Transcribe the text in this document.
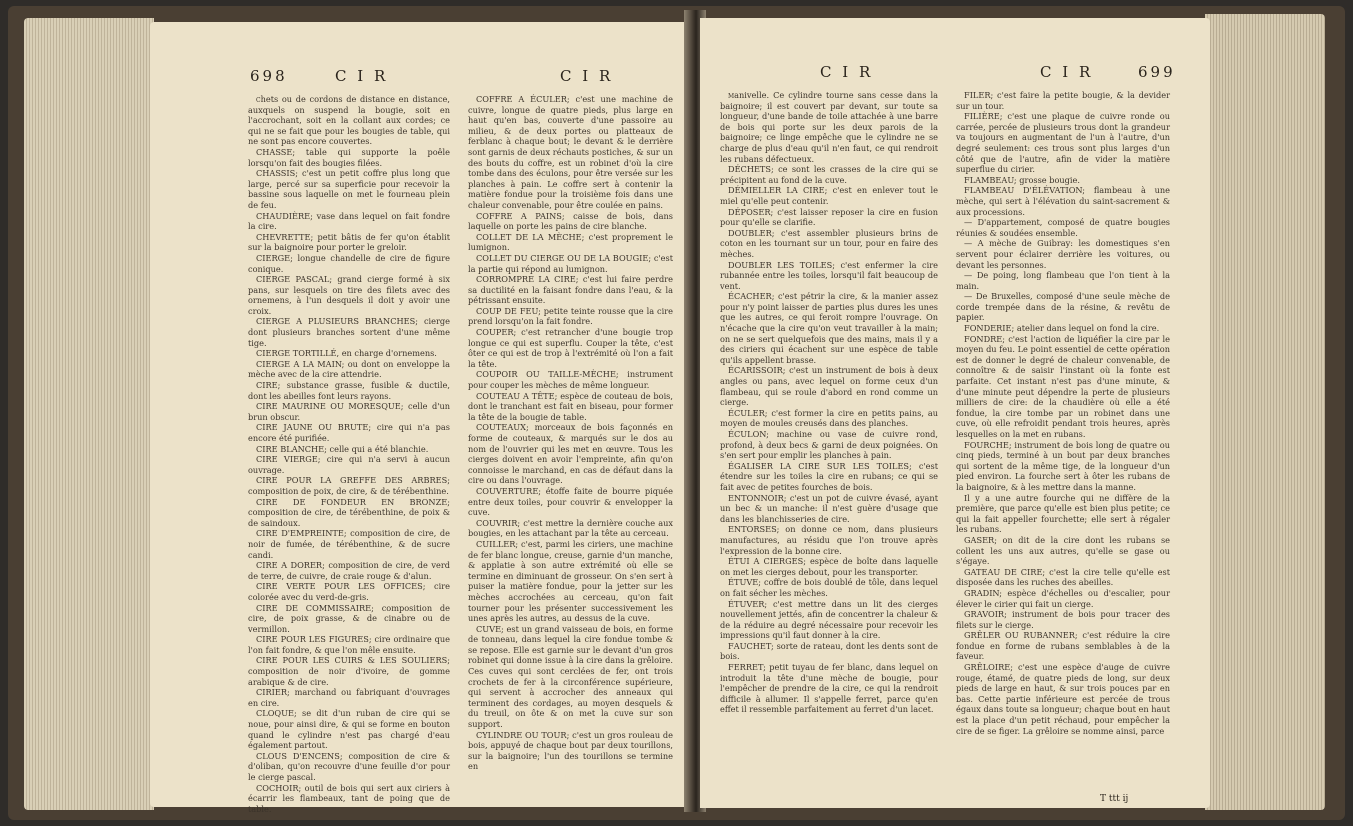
698	C I R	C I R

chets ou de cordons de distance en distance, auxquels on suspend la bougie, soit en l'accrochant, soit en la collant aux cordes; ce qui ne se fait que pour les bougies de table, qui ne sont pas encore couvertes.

CHASSE; table qui supporte la poêle lorsqu'on fait des bougies filées.

CHASSIS; c'est un petit coffre plus long que large, percé sur sa superficie pour recevoir la bassine sous laquelle on met le fourneau plein de feu.

CHAUDIÈRE; vase dans lequel on fait fondre la cire.

CHEVRETTE; petit bâtis de fer qu'on établit sur la baignoire pour porter le greloir.

CIERGE; longue chandelle de cire de figure conique.

CIERGE PASCAL; grand cierge formé à six pans, sur lesquels on tire des filets avec des ornemens, à l'un desquels il doit y avoir une croix.

CIERGE A PLUSIEURS BRANCHES; cierge dont plusieurs branches sortent d'une même tige.

CIERGE TORTILLÉ, en charge d'ornemens.

CIERGE A LA MAIN; ou dont on enveloppe la mèche avec de la cire attendrie.

CIRE; substance grasse, fusible & ductile, dont les abeilles font leurs rayons.

CIRE MAURINE OU MORESQUE; celle d'un brun obscur.

CIRE JAUNE OU BRUTE; cire qui n'a pas encore été purifiée.

CIRE BLANCHE; celle qui a été blanchie.

CIRE VIERGE; cire qui n'a servi à aucun ouvrage.

CIRE POUR LA GREFFE DES ARBRES; composition de poix, de cire, & de térébenthine.

CIRE DE FONDEUR EN BRONZE; composition de cire, de térébenthine, de poix & de saindoux.

CIRE D'EMPREINTE; composition de cire, de noir de fumée, de térébenthine, & de sucre candi.

CIRE A DORER; composition de cire, de verd de terre, de cuivre, de craie rouge & d'alun.

CIRE VERTE POUR LES OFFICES; cire colorée avec du verd-de-gris.

CIRE DE COMMISSAIRE; composition de cire, de poix grasse, & de cinabre ou de vermillon.

CIRE POUR LES FIGURES; cire ordinaire que l'on fait fondre, & que l'on mêle ensuite.

CIRE POUR LES CUIRS & LES SOULIERS; composition de noir d'ivoire, de gomme arabique & de cire.

CIRIER; marchand ou fabriquant d'ouvrages en cire.

CLOQUE; se dit d'un ruban de cire qui se noue, pour ainsi dire, & qui se forme en bouton quand le cylindre n'est pas chargé d'eau également partout.

CLOUS D'ENCENS; composition de cire & d'oliban, qu'on recouvre d'une feuille d'or pour le cierge pascal.

COCHOIR; outil de bois qui sert aux ciriers à écarrir les flambeaux, tant de poing que de table.

COFFRE A ÉCULER; c'est une machine de cuivre, longue de quatre pieds, plus large en haut qu'en bas, couverte d'une passoire au milieu, & de deux portes ou platteaux de ferblanc à chaque bout; le devant & le derrière sont garnis de deux réchauts postiches, & sur un des bouts du coffre, est un robinet d'où la cire tombe dans des éculons, pour être versée sur les planches à pain. Le coffre sert à contenir la matière fondue pour la troisième fois dans une chaleur convenable, pour être coulée en pains.

COFFRE A PAINS; caisse de bois, dans laquelle on porte les pains de cire blanche.

COLLET DE LA MÈCHE; c'est proprement le lumignon.

COLLET DU CIERGE OU DE LA BOUGIE; c'est la partie qui répond au lumignon.

CORROMPRE LA CIRE; c'est lui faire perdre sa ductilité en la faisant fondre dans l'eau, & la pétrissant ensuite.

COUP DE FEU; petite teinte rousse que la cire prend lorsqu'on la fait fondre.

COUPER; c'est retrancher d'une bougie trop longue ce qui est superflu. Couper la tête, c'est ôter ce qui est de trop à l'extrémité où l'on a fait la tête.

COUPOIR OU TAILLE-MÈCHE; instrument pour couper les mèches de même longueur.

COUTEAU A TÊTE; espèce de couteau de bois, dont le tranchant est fait en biseau, pour former la tête de la bougie de table.

COUTEAUX; morceaux de bois façonnés en forme de couteaux, & marqués sur le dos au nom de l'ouvrier qui les met en œuvre. Tous les cierges doivent en avoir l'empreinte, afin qu'on connoisse le marchand, en cas de défaut dans la cire ou dans l'ouvrage.

COUVERTURE; étoffe faite de bourre piquée entre deux toiles, pour couvrir & envelopper la cuve.

COUVRIR; c'est mettre la dernière couche aux bougies, en les attachant par la tête au cerceau.

CUILLER; c'est, parmi les ciriers, une machine de fer blanc longue, creuse, garnie d'un manche, & applatie à son autre extrémité où elle se termine en diminuant de grosseur. On s'en sert à puiser la matière fondue, pour la jetter sur les mèches accrochées au cerceau, qu'on fait tourner pour les présenter successivement les unes après les autres, au dessus de la cuve.

CUVE; est un grand vaisseau de bois, en forme de tonneau, dans lequel la cire fondue tombe & se repose. Elle est garnie sur le devant d'un gros robinet qui donne issue à la cire dans la grêloire. Ces cuves qui sont cerclées de fer, ont trois crochets de fer à la circonférence supérieure, qui servent à accrocher des anneaux qui terminent des cordages, au moyen desquels & du treuil, on ôte & on met la cuve sur son support.

CYLINDRE OU TOUR; c'est un gros rouleau de bois, appuyé de chaque bout par deux tourillons, sur la baignoire; l'un des tourillons se termine en

C I R	C I R	699

manivelle. Ce cylindre tourne sans cesse dans la baignoire; il est couvert par devant, sur toute sa longueur, d'une bande de toile attachée à une barre de bois qui porte sur les deux parois de la baignoire; ce linge empêche que le cylindre ne se charge de plus d'eau qu'il n'en faut, ce qui rendroit les rubans défectueux.

DÉCHETS; ce sont les crasses de la cire qui se précipitent au fond de la cuve.

DÉMIELLER LA CIRE; c'est en enlever tout le miel qu'elle peut contenir.

DÉPOSER; c'est laisser reposer la cire en fusion pour qu'elle se clarifie.

DOUBLER; c'est assembler plusieurs brins de coton en les tournant sur un tour, pour en faire des mèches.

DOUBLER LES TOILES; c'est enfermer la cire rubannée entre les toiles, lorsqu'il fait beaucoup de vent.

ÉCACHER; c'est pétrir la cire, & la manier assez pour n'y point laisser de parties plus dures les unes que les autres, ce qui feroit rompre l'ouvrage. On n'écache que la cire qu'on veut travailler à la main; on ne se sert quelquefois que des mains, mais il y a des ciriers qui écachent sur une espèce de table qu'ils appellent brasse.

ÉCARISSOIR; c'est un instrument de bois à deux angles ou pans, avec lequel on forme ceux d'un flambeau, qui se roule d'abord en rond comme un cierge.

ÉCULER; c'est former la cire en petits pains, au moyen de moules creusés dans des planches.

ÉCULON; machine ou vase de cuivre rond, profond, à deux becs & garni de deux poignées. On s'en sert pour emplir les planches à pain.

ÉGALISER LA CIRE SUR LES TOILES; c'est étendre sur les toiles la cire en rubans; ce qui se fait avec de petites fourches de bois.

ENTONNOIR; c'est un pot de cuivre évasé, ayant un bec & un manche: il n'est guère d'usage que dans les blanchisseries de cire.

ENTORSES; on donne ce nom, dans plusieurs manufactures, au résidu que l'on trouve après l'expression de la bonne cire.

ÉTUI A CIERGES; espèce de boîte dans laquelle on met les cierges debout, pour les transporter.

ÉTUVE; coffre de bois doublé de tôle, dans lequel on fait sécher les mèches.

ÉTUVER; c'est mettre dans un lit des cierges nouvellement jettés, afin de concentrer la chaleur & de la réduire au degré nécessaire pour recevoir les impressions qu'il faut donner à la cire.

FAUCHET; sorte de rateau, dont les dents sont de bois.

FERRET; petit tuyau de fer blanc, dans lequel on introduit la tête d'une mèche de bougie, pour l'empêcher de prendre de la cire, ce qui la rendroit difficile à allumer. Il s'appelle ferret, parce qu'en effet il ressemble parfaitement au ferret d'un lacet.

FILER; c'est faire la petite bougie, & la devider sur un tour.

FILIÈRE; c'est une plaque de cuivre ronde ou carrée, percée de plusieurs trous dont la grandeur va toujours en augmentant de l'un à l'autre, d'un degré seulement: ces trous sont plus larges d'un côté que de l'autre, afin de vider la matière superflue du cirier.

FLAMBEAU; grosse bougie.

FLAMBEAU D'ÉLÉVATION; flambeau à une mèche, qui sert à l'élévation du saint-sacrement & aux processions.

— D'appartement, composé de quatre bougies réunies & soudées ensemble.

— A mèche de Guibray: les domestiques s'en servent pour éclairer derrière les voitures, ou devant les personnes.

— De poing, long flambeau que l'on tient à la main.

— De Bruxelles, composé d'une seule mèche de corde trempée dans de la résine, & revêtu de papier.

FONDERIE; atelier dans lequel on fond la cire.

FONDRE; c'est l'action de liquéfier la cire par le moyen du feu. Le point essentiel de cette opération est de donner le degré de chaleur convenable, de connoître & de saisir l'instant où la fonte est parfaite. Cet instant n'est pas d'une minute, & d'une minute peut dépendre la perte de plusieurs milliers de cire: de la chaudière où elle a été fondue, la cire tombe par un robinet dans une cuve, où elle refroidit pendant trois heures, après lesquelles on la met en rubans.

FOURCHE; instrument de bois long de quatre ou cinq pieds, terminé à un bout par deux branches qui sortent de la même tige, de la longueur d'un pied environ. La fourche sert à ôter les rubans de la baignoire, & à les mettre dans la manne.

Il y a une autre fourche qui ne diffère de la première, que parce qu'elle est bien plus petite; ce qui la fait appeller fourchette; elle sert à régaler les rubans.

GASER; on dit de la cire dont les rubans se collent les uns aux autres, qu'elle se gase ou s'égaye.

GATEAU DE CIRE; c'est la cire telle qu'elle est disposée dans les ruches des abeilles.

GRADIN; espèce d'échelles ou d'escalier, pour élever le cirier qui fait un cierge.

GRAVOIR; instrument de bois pour tracer des filets sur le cierge.

GRÊLER OU RUBANNER; c'est réduire la cire fondue en forme de rubans semblables à de la faveur.

GRÊLOIRE; c'est une espèce d'auge de cuivre rouge, étamé, de quatre pieds de long, sur deux pieds de large en haut, & sur trois pouces par en bas. Cette partie inférieure est percée de trous égaux dans toute sa longueur; chaque bout en haut est la place d'un petit réchaud, pour empêcher la cire de se figer. La grêloire se nomme ainsi, parce

T ttt ij
